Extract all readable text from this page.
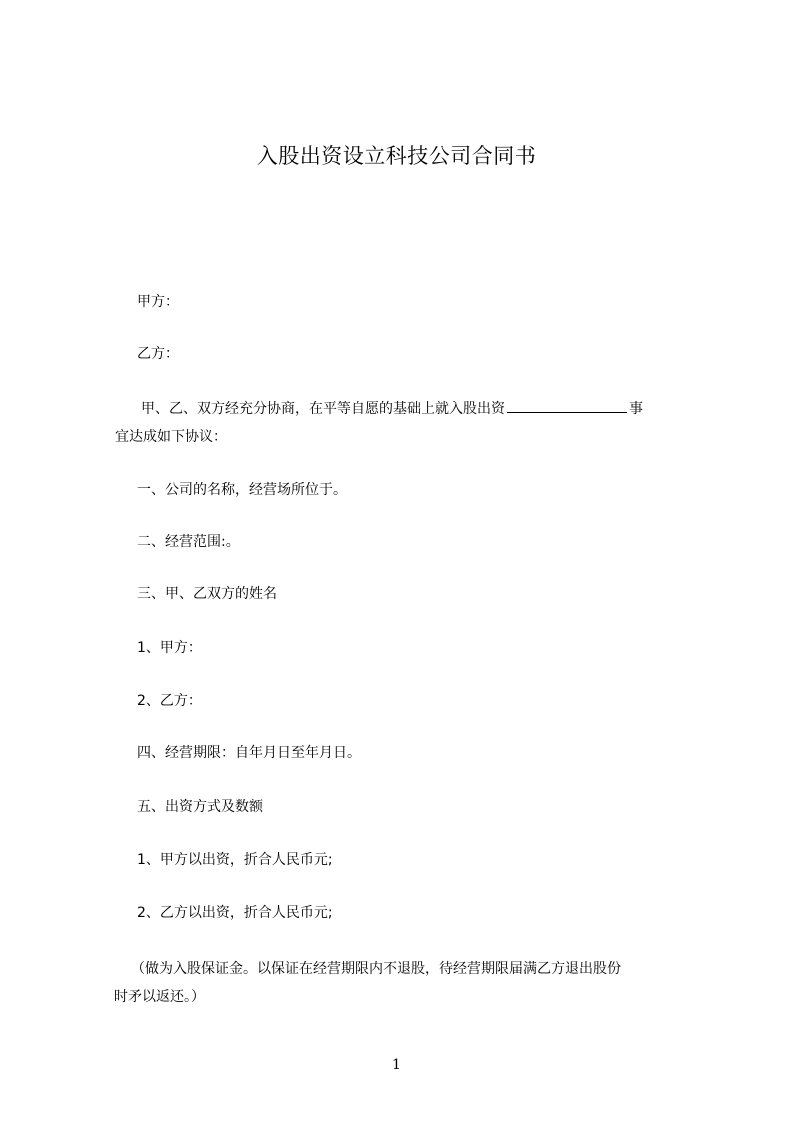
入股出资设立科技公司合同书
甲方：
乙方：
甲、乙、双方经充分协商，在平等自愿的基础上就入股出资	事
宜达成如下协议：
一、公司的名称，经营场所位于。
二、经营范围:。
三、甲、乙双方的姓名
1、甲方：
2、乙方：
四、经营期限：自年月日至年月日。
五、出资方式及数额
1、甲方以出资，折合人民币元;
2、乙方以出资，折合人民币元;
（做为入股保证金。以保证在经营期限内不退股，待经营期限届满乙方退出股份
时矛以返还。）
1
